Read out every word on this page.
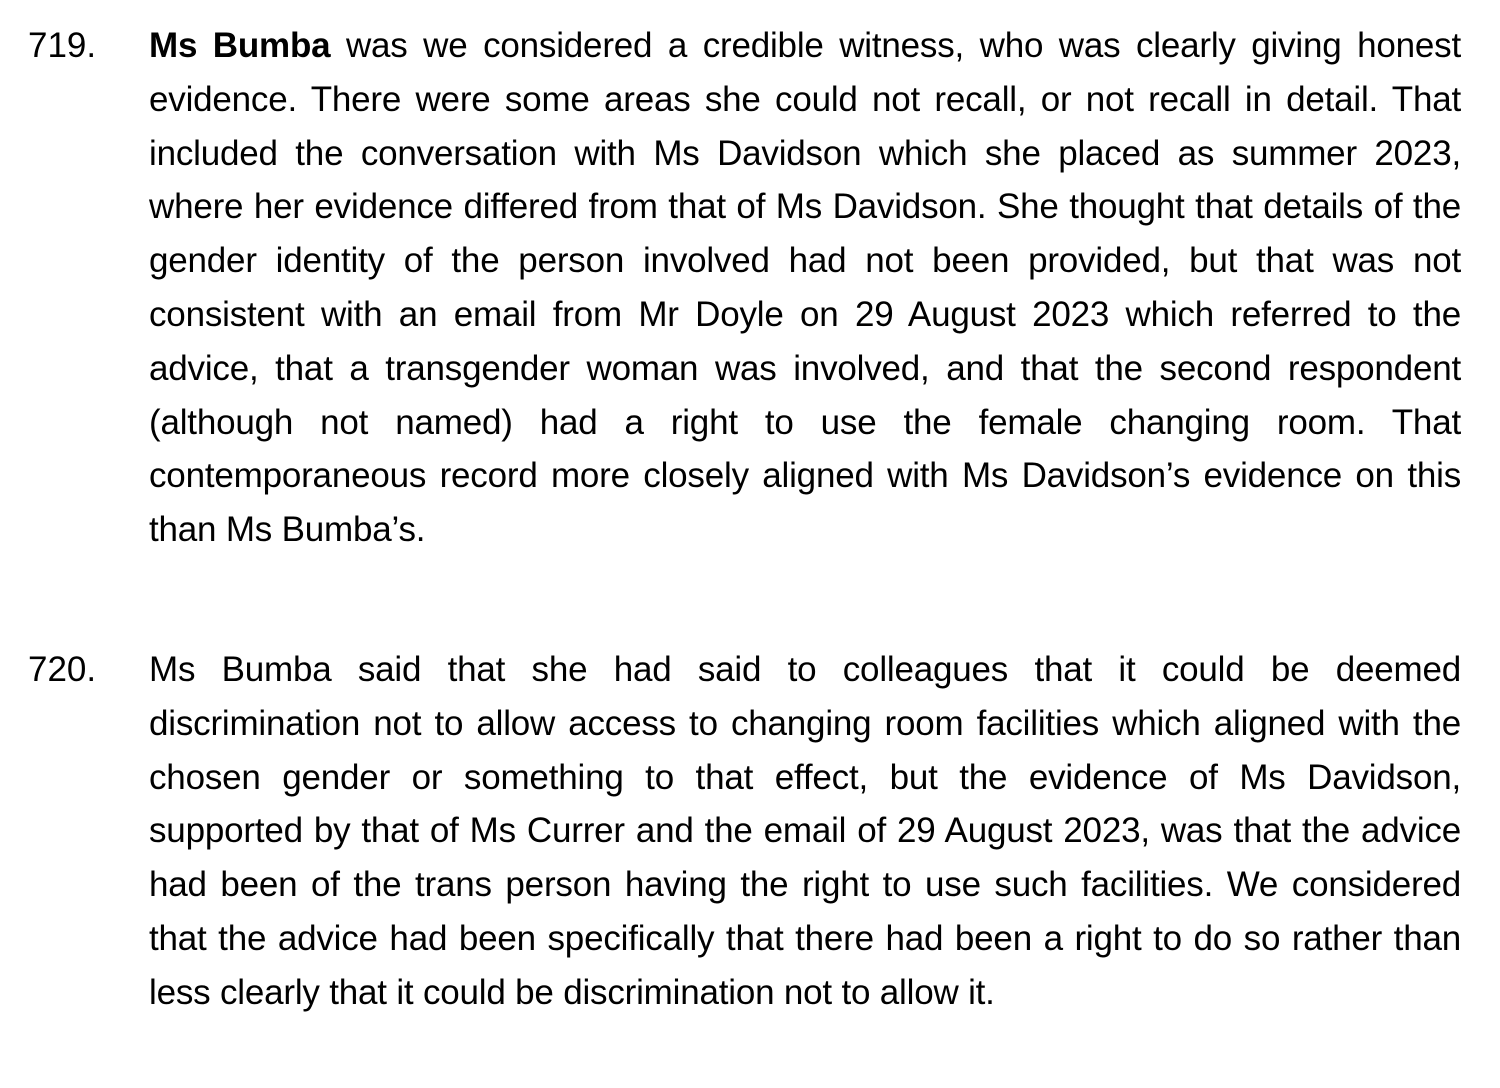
719. Ms Bumba was we considered a credible witness, who was clearly giving honest evidence. There were some areas she could not recall, or not recall in detail. That included the conversation with Ms Davidson which she placed as summer 2023, where her evidence differed from that of Ms Davidson. She thought that details of the gender identity of the person involved had not been provided, but that was not consistent with an email from Mr Doyle on 29 August 2023 which referred to the advice, that a transgender woman was involved, and that the second respondent (although not named) had a right to use the female changing room. That contemporaneous record more closely aligned with Ms Davidson’s evidence on this than Ms Bumba’s.
720. Ms Bumba said that she had said to colleagues that it could be deemed discrimination not to allow access to changing room facilities which aligned with the chosen gender or something to that effect, but the evidence of Ms Davidson, supported by that of Ms Currer and the email of 29 August 2023, was that the advice had been of the trans person having the right to use such facilities. We considered that the advice had been specifically that there had been a right to do so rather than less clearly that it could be discrimination not to allow it.
